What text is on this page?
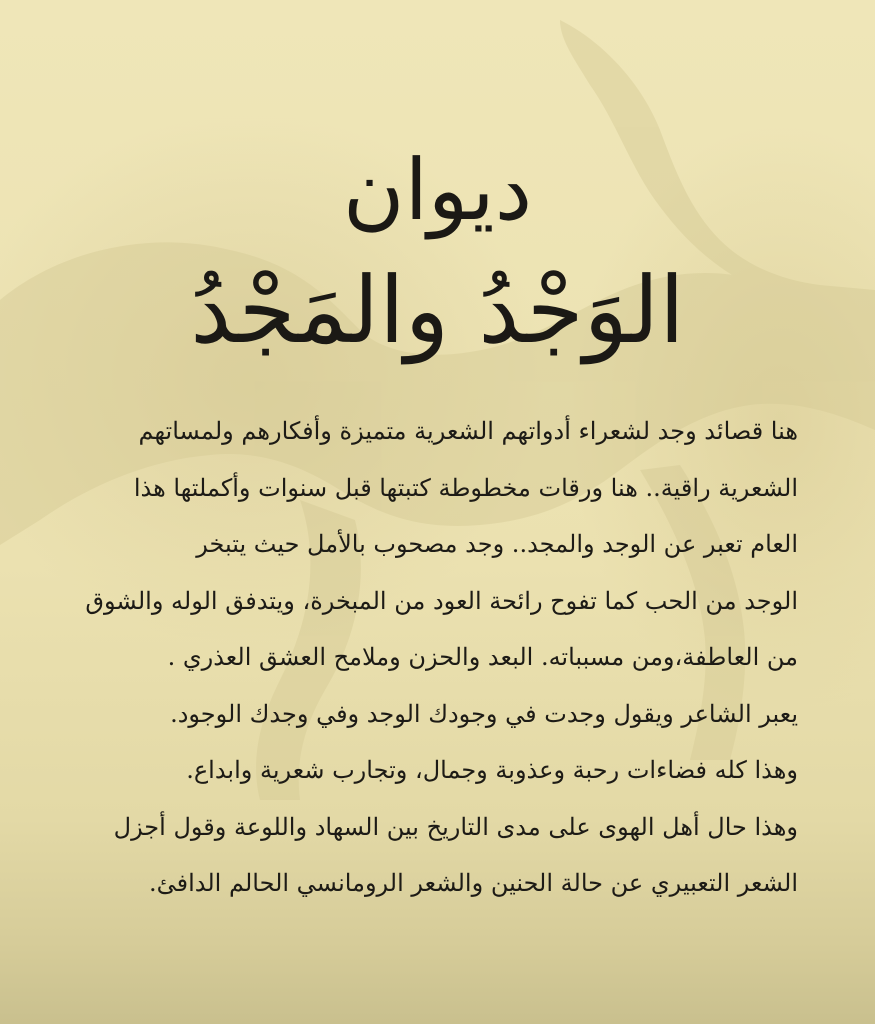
ديوان
الوَجْدُ والمَجْدُ
هنا قصائد وجد لشعراء أدواتهم الشعرية متميزة وأفكارهم ولمساتهم
الشعرية راقية.. هنا ورقات مخطوطة كتبتها قبل سنوات وأكملتها هذا
العام تعبر عن الوجد والمجد.. وجد مصحوب بالأمل حيث يتبخر
الوجد من الحب كما تفوح رائحة العود من المبخرة، ويتدفق الوله والشوق
من العاطفة،ومن مسبباته. البعد والحزن وملامح العشق العذري .
يعبر الشاعر ويقول وجدت في وجودك الوجد وفي وجدك الوجود.
وهذا كله فضاءات رحبة وعذوبة وجمال، وتجارب شعرية وابداع.
وهذا حال أهل الهوى على مدى التاريخ بين السهاد واللوعة وقول أجزل
الشعر التعبيري عن حالة الحنين والشعر الرومانسي الحالم الدافئ.
